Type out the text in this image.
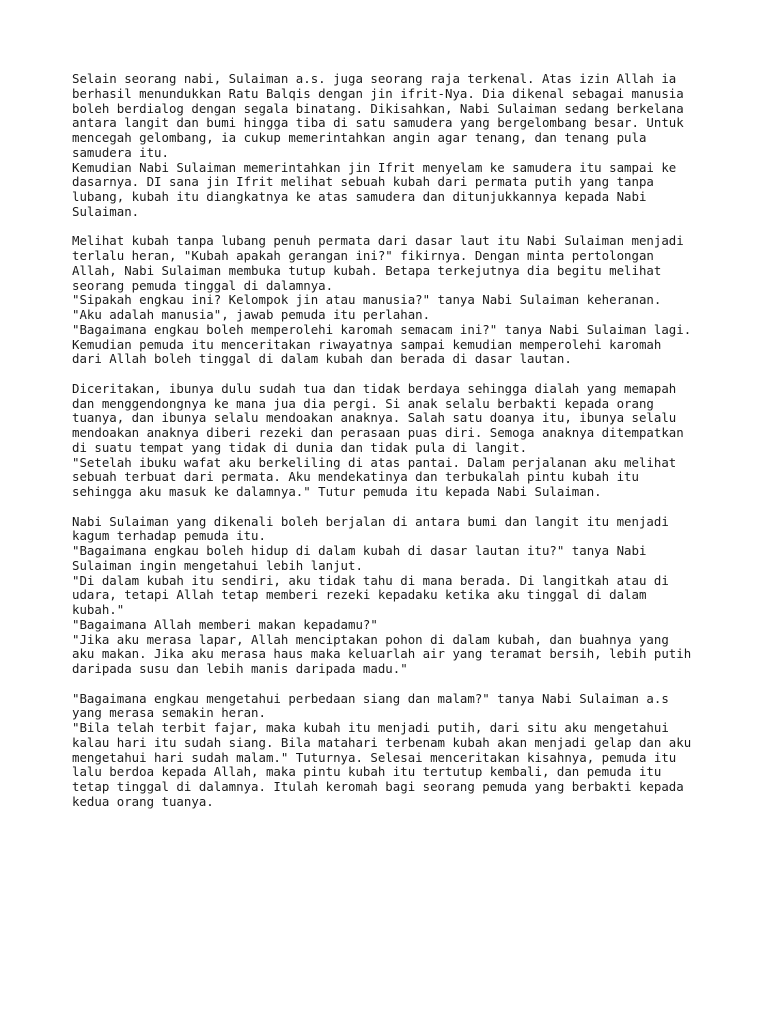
Selain seorang nabi, Sulaiman a.s. juga seorang raja terkenal. Atas izin Allah ia
berhasil menundukkan Ratu Balqis dengan jin ifrit-Nya. Dia dikenal sebagai manusia
boleh berdialog dengan segala binatang. Dikisahkan, Nabi Sulaiman sedang berkelana
antara langit dan bumi hingga tiba di satu samudera yang bergelombang besar. Untuk
mencegah gelombang, ia cukup memerintahkan angin agar tenang, dan tenang pula
samudera itu.
Kemudian Nabi Sulaiman memerintahkan jin Ifrit menyelam ke samudera itu sampai ke
dasarnya. DI sana jin Ifrit melihat sebuah kubah dari permata putih yang tanpa
lubang, kubah itu diangkatnya ke atas samudera dan ditunjukkannya kepada Nabi
Sulaiman.
Melihat kubah tanpa lubang penuh permata dari dasar laut itu Nabi Sulaiman menjadi
terlalu heran, "Kubah apakah gerangan ini?" fikirnya. Dengan minta pertolongan
Allah, Nabi Sulaiman membuka tutup kubah. Betapa terkejutnya dia begitu melihat
seorang pemuda tinggal di dalamnya.
"Sipakah engkau ini? Kelompok jin atau manusia?" tanya Nabi Sulaiman keheranan.
"Aku adalah manusia", jawab pemuda itu perlahan.
"Bagaimana engkau boleh memperolehi karomah semacam ini?" tanya Nabi Sulaiman lagi.
Kemudian pemuda itu menceritakan riwayatnya sampai kemudian memperolehi karomah
dari Allah boleh tinggal di dalam kubah dan berada di dasar lautan.
Diceritakan, ibunya dulu sudah tua dan tidak berdaya sehingga dialah yang memapah
dan menggendongnya ke mana jua dia pergi. Si anak selalu berbakti kepada orang
tuanya, dan ibunya selalu mendoakan anaknya. Salah satu doanya itu, ibunya selalu
mendoakan anaknya diberi rezeki dan perasaan puas diri. Semoga anaknya ditempatkan
di suatu tempat yang tidak di dunia dan tidak pula di langit.
"Setelah ibuku wafat aku berkeliling di atas pantai. Dalam perjalanan aku melihat
sebuah terbuat dari permata. Aku mendekatinya dan terbukalah pintu kubah itu
sehingga aku masuk ke dalamnya." Tutur pemuda itu kepada Nabi Sulaiman.
Nabi Sulaiman yang dikenali boleh berjalan di antara bumi dan langit itu menjadi
kagum terhadap pemuda itu.
"Bagaimana engkau boleh hidup di dalam kubah di dasar lautan itu?" tanya Nabi
Sulaiman ingin mengetahui lebih lanjut.
"Di dalam kubah itu sendiri, aku tidak tahu di mana berada. Di langitkah atau di
udara, tetapi Allah tetap memberi rezeki kepadaku ketika aku tinggal di dalam
kubah."
"Bagaimana Allah memberi makan kepadamu?"
"Jika aku merasa lapar, Allah menciptakan pohon di dalam kubah, dan buahnya yang
aku makan. Jika aku merasa haus maka keluarlah air yang teramat bersih, lebih putih
daripada susu dan lebih manis daripada madu."
"Bagaimana engkau mengetahui perbedaan siang dan malam?" tanya Nabi Sulaiman a.s
yang merasa semakin heran.
"Bila telah terbit fajar, maka kubah itu menjadi putih, dari situ aku mengetahui
kalau hari itu sudah siang. Bila matahari terbenam kubah akan menjadi gelap dan aku
mengetahui hari sudah malam." Tuturnya. Selesai menceritakan kisahnya, pemuda itu
lalu berdoa kepada Allah, maka pintu kubah itu tertutup kembali, dan pemuda itu
tetap tinggal di dalamnya. Itulah keromah bagi seorang pemuda yang berbakti kepada
kedua orang tuanya.
